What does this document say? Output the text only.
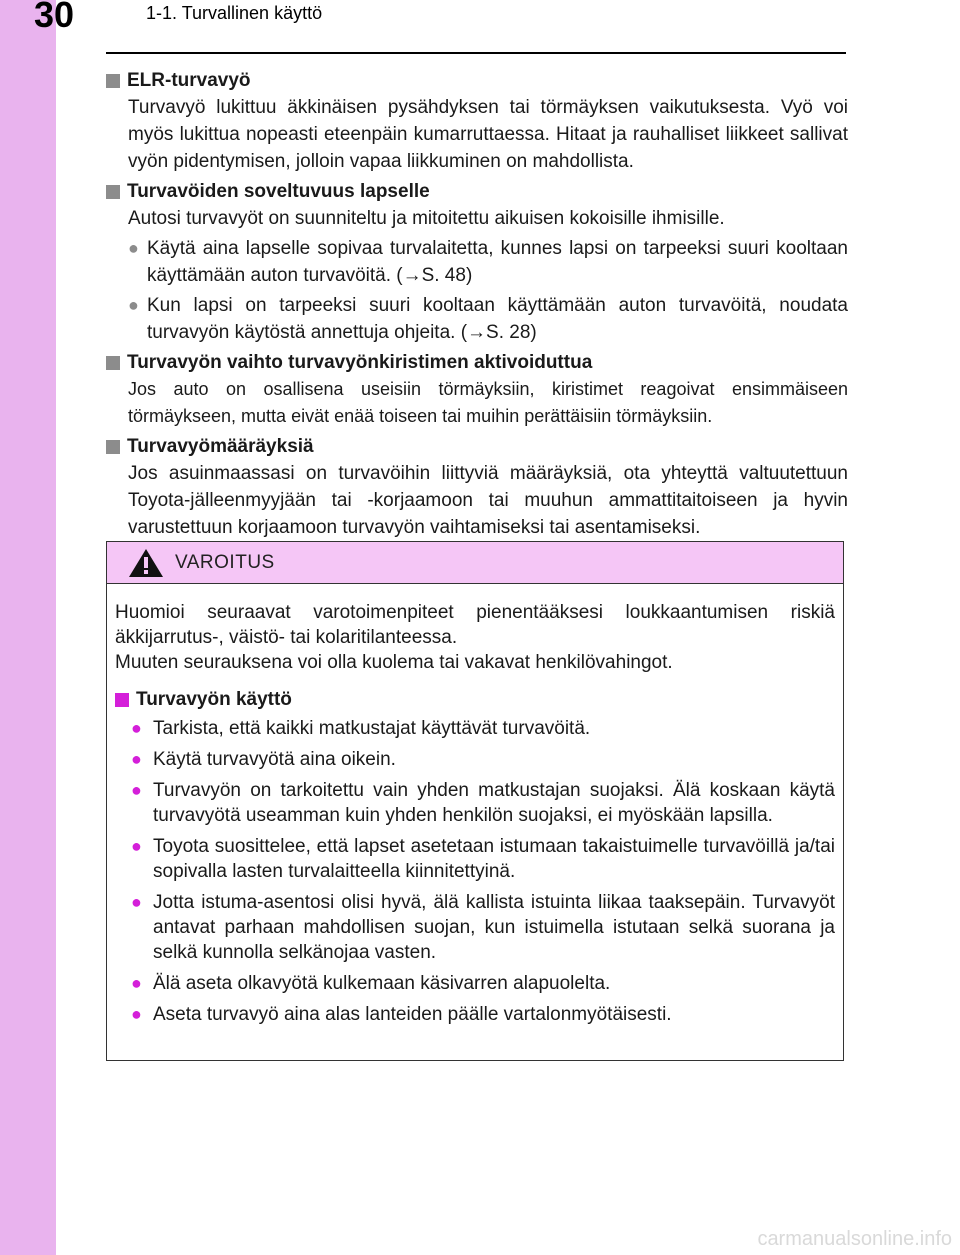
30	1-1. Turvallinen käyttö
ELR-turvavyö
Turvavyö lukittuu äkkinäisen pysähdyksen tai törmäyksen vaikutuksesta. Vyö voi myös lukittua nopeasti eteenpäin kumarruttaessa. Hitaat ja rauhalliset liikkeet sallivat vyön pidentymisen, jolloin vapaa liikkuminen on mahdollista.
Turvavöiden soveltuvuus lapselle
Autosi turvavyöt on suunniteltu ja mitoitettu aikuisen kokoisille ihmisille.
● Käytä aina lapselle sopivaa turvalaitetta, kunnes lapsi on tarpeeksi suuri kooltaan käyttämään auton turvavöitä. (→S. 48)
● Kun lapsi on tarpeeksi suuri kooltaan käyttämään auton turvavöitä, noudata turvavyön käytöstä annettuja ohjeita. (→S. 28)
Turvavyön vaihto turvavyönkiristimen aktivoiduttua
Jos auto on osallisena useisiin törmäyksiin, kiristimet reagoivat ensimmäiseen törmäykseen, mutta eivät enää toiseen tai muihin perättäisiin törmäyksiin.
Turvavyömääräyksiä
Jos asuinmaassasi on turvavöihin liittyviä määräyksiä, ota yhteyttä valtuutettuun Toyota-jälleenmyyjään tai -korjaamoon tai muuhun ammattitaitoiseen ja hyvin varustettuun korjaamoon turvavyön vaihtamiseksi tai asentamiseksi.
VAROITUS
Huomioi seuraavat varotoimenpiteet pienentääksesi loukkaantumisen riskiä äkkijarrutus-, väistö- tai kolaritilanteessa.
Muuten seurauksena voi olla kuolema tai vakavat henkilövahingot.
Turvavyön käyttö
● Tarkista, että kaikki matkustajat käyttävät turvavöitä.
● Käytä turvavyötä aina oikein.
● Turvavyön on tarkoitettu vain yhden matkustajan suojaksi. Älä koskaan käytä turvavyötä useamman kuin yhden henkilön suojaksi, ei myöskään lapsilla.
● Toyota suosittelee, että lapset asetetaan istumaan takaistuimelle turvavöillä ja/tai sopivalla lasten turvalaitteella kiinnitettyinä.
● Jotta istuma-asentosi olisi hyvä, älä kallista istuinta liikaa taaksepäin. Turvavyöt antavat parhaan mahdollisen suojan, kun istuimella istutaan selkä suorana ja selkä kunnolla selkänojaa vasten.
● Älä aseta olkavyötä kulkemaan käsivarren alapuolelta.
● Aseta turvavyö aina alas lanteiden päälle vartalonmyötäisesti.
carmanualsonline.info
